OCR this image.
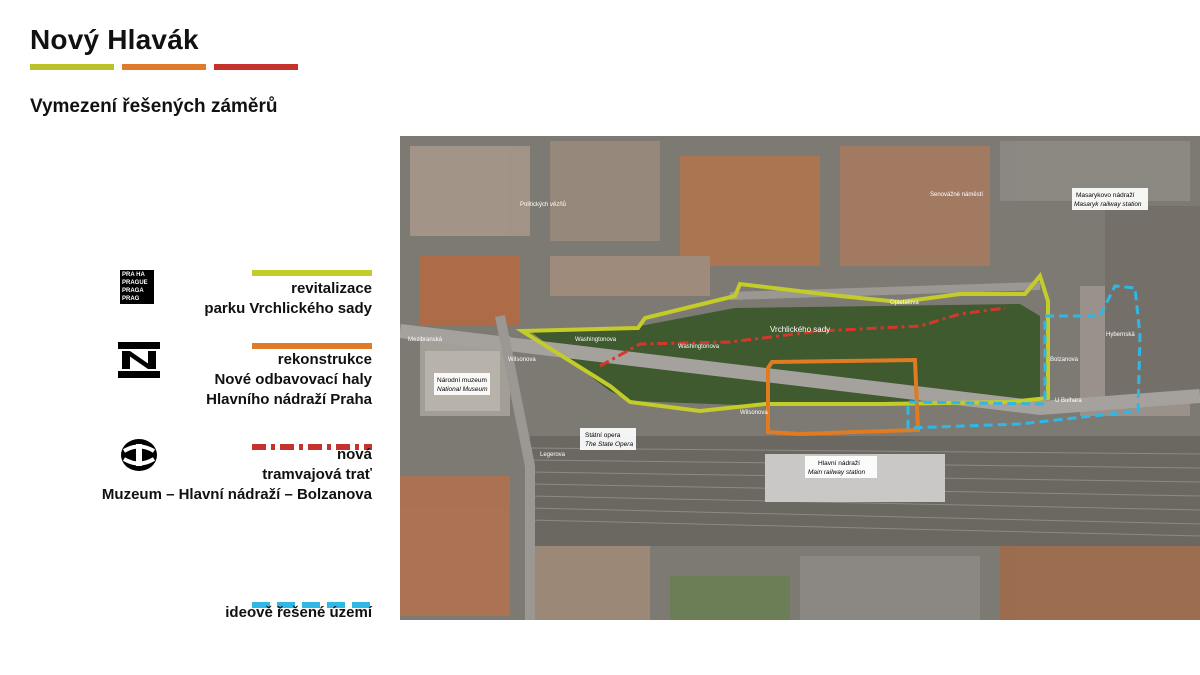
Nový Hlavák
Vymezení řešených záměrů
PRA HA
PRAGUE
PRAGA
PRAG
revitalizace
parku Vrchlického sady
rekonstrukce
Nové odbavovací haly
Hlavního nádraží Praha
nová
tramvajová trať
Muzeum – Hlavní nádraží – Bolzanova
ideově řešené území
Vrchlického sady
Národní muzeum
National Museum
Státní opera
The State Opera
Hlavní nádraží
Main railway station
Masarykovo nádraží
Masaryk railway station
Senovážné náměstí
Washingtonova
Washingtonova
Opletalova
Wilsonova
Wilsonova
Bolzanova
Legerova
Mezibranská
U Bulhara
Hybernská
Politických vězňů
